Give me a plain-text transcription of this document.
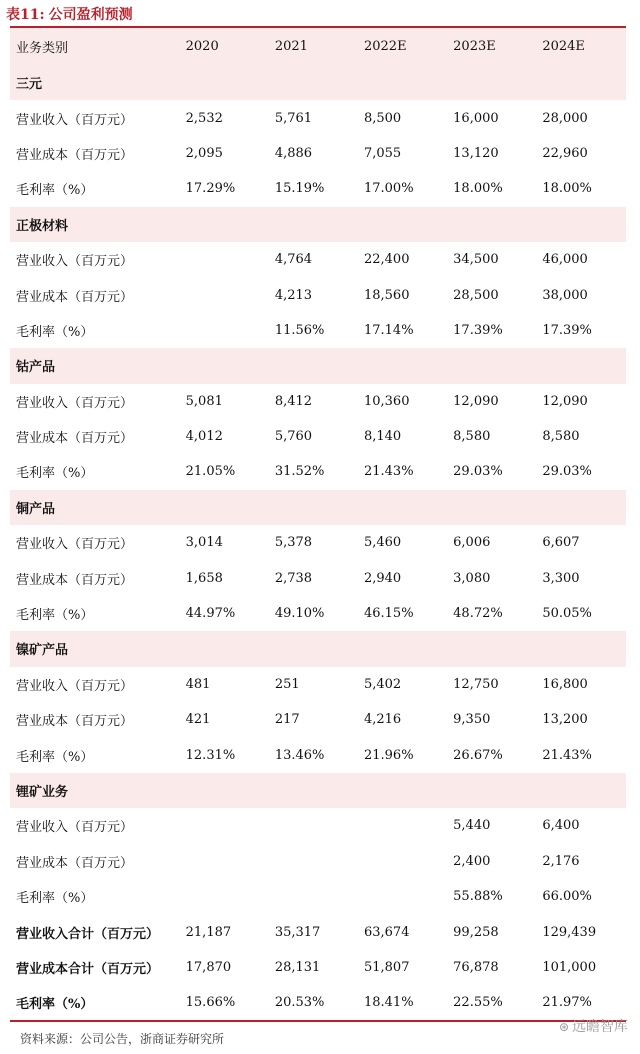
表11: 公司盈利预测
业务类别	2020	2021	2022E	2023E	2024E
三元					
营业收入（百万元）	2,532	5,761	8,500	16,000	28,000
营业成本（百万元）	2,095	4,886	7,055	13,120	22,960
毛利率（%）	17.29%	15.19%	17.00%	18.00%	18.00%
正极材料					
营业收入（百万元）		4,764	22,400	34,500	46,000
营业成本（百万元）		4,213	18,560	28,500	38,000
毛利率（%）		11.56%	17.14%	17.39%	17.39%
钴产品					
营业收入（百万元）	5,081	8,412	10,360	12,090	12,090
营业成本（百万元）	4,012	5,760	8,140	8,580	8,580
毛利率（%）	21.05%	31.52%	21.43%	29.03%	29.03%
铜产品					
营业收入（百万元）	3,014	5,378	5,460	6,006	6,607
营业成本（百万元）	1,658	2,738	2,940	3,080	3,300
毛利率（%）	44.97%	49.10%	46.15%	48.72%	50.05%
镍矿产品					
营业收入（百万元）	481	251	5,402	12,750	16,800
营业成本（百万元）	421	217	4,216	9,350	13,200
毛利率（%）	12.31%	13.46%	21.96%	26.67%	21.43%
锂矿业务					
营业收入（百万元）				5,440	6,400
营业成本（百万元）				2,400	2,176
毛利率（%）				55.88%	66.00%
营业收入合计（百万元）	21,187	35,317	63,674	99,258	129,439
营业成本合计（百万元）	17,870	28,131	51,807	76,878	101,000
毛利率（%）	15.66%	20.53%	18.41%	22.55%	21.97%
资料来源：公司公告，浙商证券研究所
⊛ 远瞻智库
